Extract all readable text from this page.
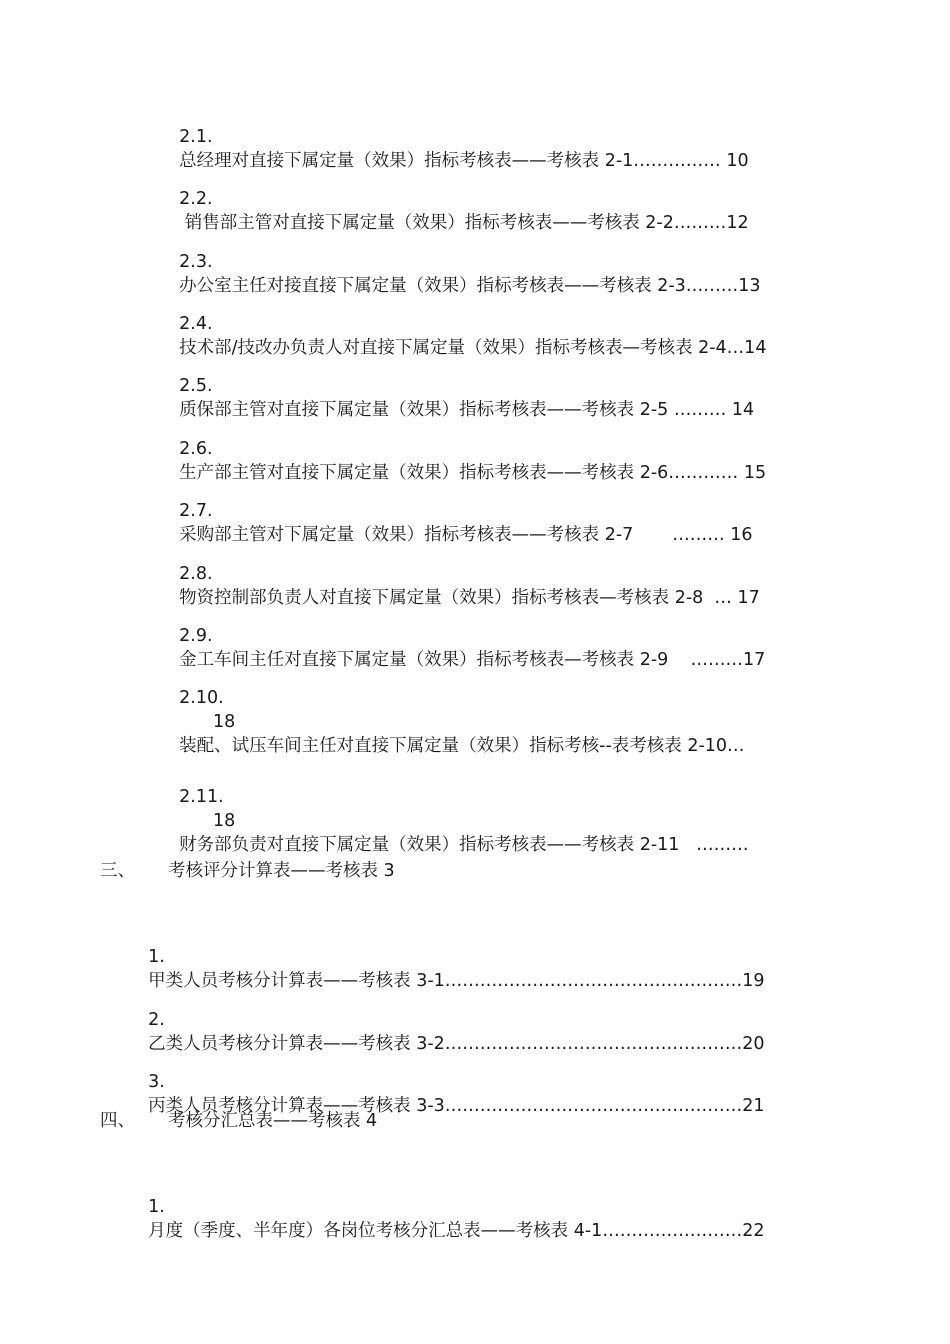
2.1.
总经理对直接下属定量（效果）指标考核表——考核表 2-1…………… 10

2.2.
销售部主管对直接下属定量（效果）指标考核表——考核表 2-2………12

2.3.
办公室主任对接直接下属定量（效果）指标考核表——考核表 2-3………13

2.4.
技术部/技改办负责人对直接下属定量（效果）指标考核表—考核表 2-4…14

2.5.
质保部主管对直接下属定量（效果）指标考核表——考核表 2-5 ……… 14

2.6.
生产部主管对直接下属定量（效果）指标考核表——考核表 2-6………… 15

2.7.
采购部主管对下属定量（效果）指标考核表——考核表 2-7       ……… 16

2.8.
物资控制部负责人对直接下属定量（效果）指标考核表—考核表 2-8  … 17

2.9.
金工车间主任对直接下属定量（效果）指标考核表—考核表 2-9    ………17

2.10.

装配、试压车间主任对直接下属定量（效果）指标考核--表考核表 2-10…

18

2.11.

财务部负责对直接下属定量（效果）指标考核表——考核表 2-11   ………

18
三、 考核评分计算表——考核表 3

1.
甲类人员考核分计算表——考核表 3-1……………………………………………19

2.
乙类人员考核分计算表——考核表 3-2……………………………………………20

3.
丙类人员考核分计算表——考核表 3-3……………………………………………21

四、 考核分汇总表——考核表 4

1.
月度（季度、半年度）各岗位考核分汇总表——考核表 4-1……………………22
